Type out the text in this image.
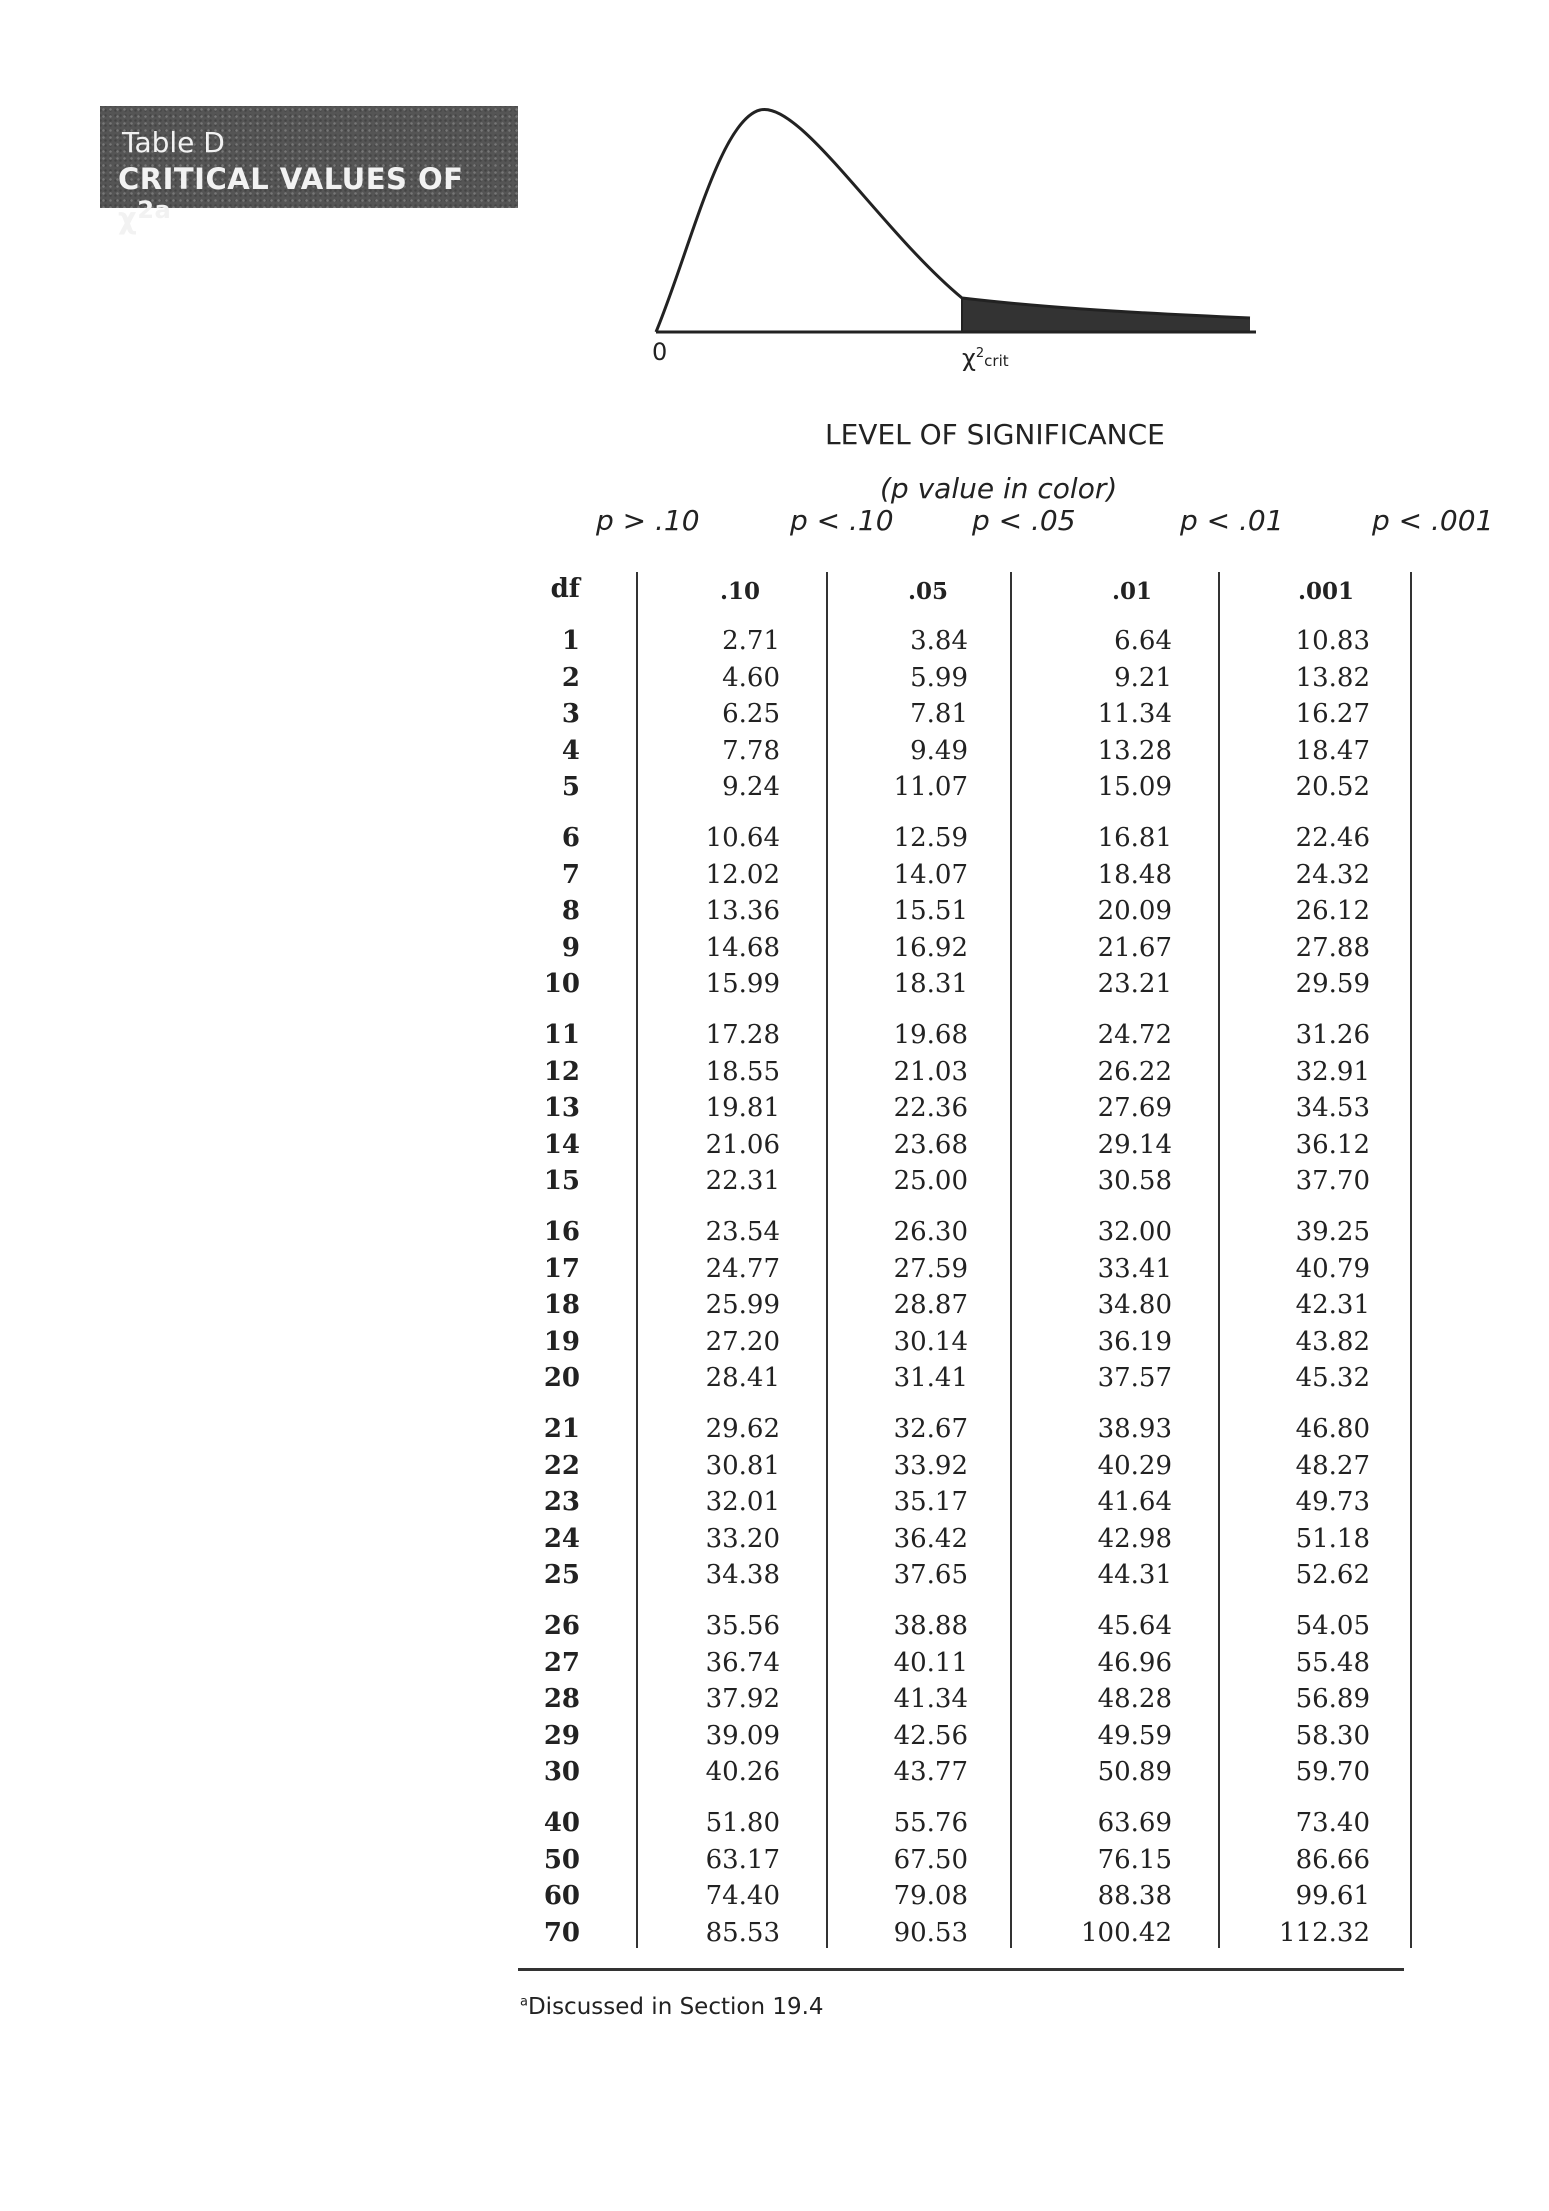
Table D
CRITICAL VALUES OF $\chi^{2a}$
0	$\chi^2crit$
LEVEL OF SIGNIFICANCE
(p value in color)
p > .10	p < .10	p < .05	p < .01	p < .001
df	.10	.05	.01	.001
1	2.71	3.84	6.64	10.83
2	4.60	5.99	9.21	13.82
3	6.25	7.81	11.34	16.27
4	7.78	9.49	13.28	18.47
5	9.24	11.07	15.09	20.52
6	10.64	12.59	16.81	22.46
7	12.02	14.07	18.48	24.32
8	13.36	15.51	20.09	26.12
9	14.68	16.92	21.67	27.88
10	15.99	18.31	23.21	29.59
11	17.28	19.68	24.72	31.26
12	18.55	21.03	26.22	32.91
13	19.81	22.36	27.69	34.53
14	21.06	23.68	29.14	36.12
15	22.31	25.00	30.58	37.70
16	23.54	26.30	32.00	39.25
17	24.77	27.59	33.41	40.79
18	25.99	28.87	34.80	42.31
19	27.20	30.14	36.19	43.82
20	28.41	31.41	37.57	45.32
21	29.62	32.67	38.93	46.80
22	30.81	33.92	40.29	48.27
23	32.01	35.17	41.64	49.73
24	33.20	36.42	42.98	51.18
25	34.38	37.65	44.31	52.62
26	35.56	38.88	45.64	54.05
27	36.74	40.11	46.96	55.48
28	37.92	41.34	48.28	56.89
29	39.09	42.56	49.59	58.30
30	40.26	43.77	50.89	59.70
40	51.80	55.76	63.69	73.40
50	63.17	67.50	76.15	86.66
60	74.40	79.08	88.38	99.61
70	85.53	90.53	100.42	112.32
$^a$Discussed in Section 19.4
